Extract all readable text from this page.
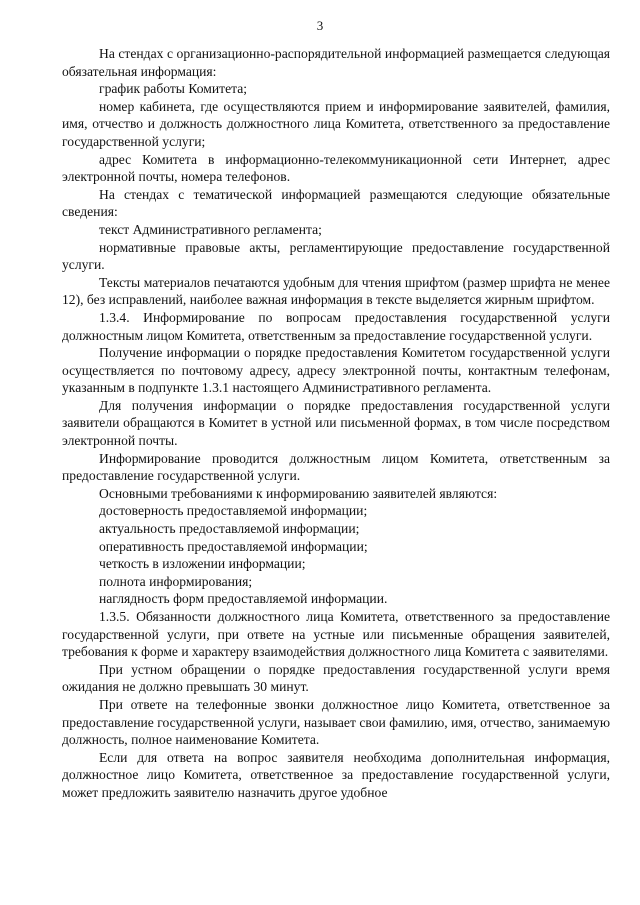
3

На стендах с организационно-распорядительной информацией размещается следующая обязательная информация:

график работы Комитета;

номер кабинета, где осуществляются прием и информирование заявителей, фамилия, имя, отчество и должность должностного лица Комитета, ответственного за предоставление государственной услуги;

адрес Комитета в информационно-телекоммуникационной сети Интернет, адрес электронной почты, номера телефонов.

На стендах с тематической информацией размещаются следующие обязательные сведения:

текст Административного регламента;

нормативные правовые акты, регламентирующие предоставление государственной услуги.

Тексты материалов печатаются удобным для чтения шрифтом (размер шрифта не менее 12), без исправлений, наиболее важная информация в тексте выделяется жирным шрифтом.

1.3.4. Информирование по вопросам предоставления государственной услуги должностным лицом Комитета, ответственным за предоставление государственной услуги.

Получение информации о порядке предоставления Комитетом государственной услуги осуществляется по почтовому адресу, адресу электронной почты, контактным телефонам, указанным в подпункте 1.3.1 настоящего Административного регламента.

Для получения информации о порядке предоставления государственной услуги заявители обращаются в Комитет в устной или письменной формах, в том числе посредством электронной почты.

Информирование проводится должностным лицом Комитета, ответственным за предоставление государственной услуги.

Основными требованиями к информированию заявителей являются:

достоверность предоставляемой информации;

актуальность предоставляемой информации;

оперативность предоставляемой информации;

четкость в изложении информации;

полнота информирования;

наглядность форм предоставляемой информации.

1.3.5. Обязанности должностного лица Комитета, ответственного за предоставление государственной услуги, при ответе на устные или письменные обращения заявителей, требования к форме и характеру взаимодействия должностного лица Комитета с заявителями.

При устном обращении о порядке предоставления государственной услуги время ожидания не должно превышать 30 минут.

При ответе на телефонные звонки должностное лицо Комитета, ответственное за предоставление государственной услуги, называет свои фамилию, имя, отчество, занимаемую должность, полное наименование Комитета.

Если для ответа на вопрос заявителя необходима дополнительная информация, должностное лицо Комитета, ответственное за предоставление государственной услуги, может предложить заявителю назначить другое удобное
